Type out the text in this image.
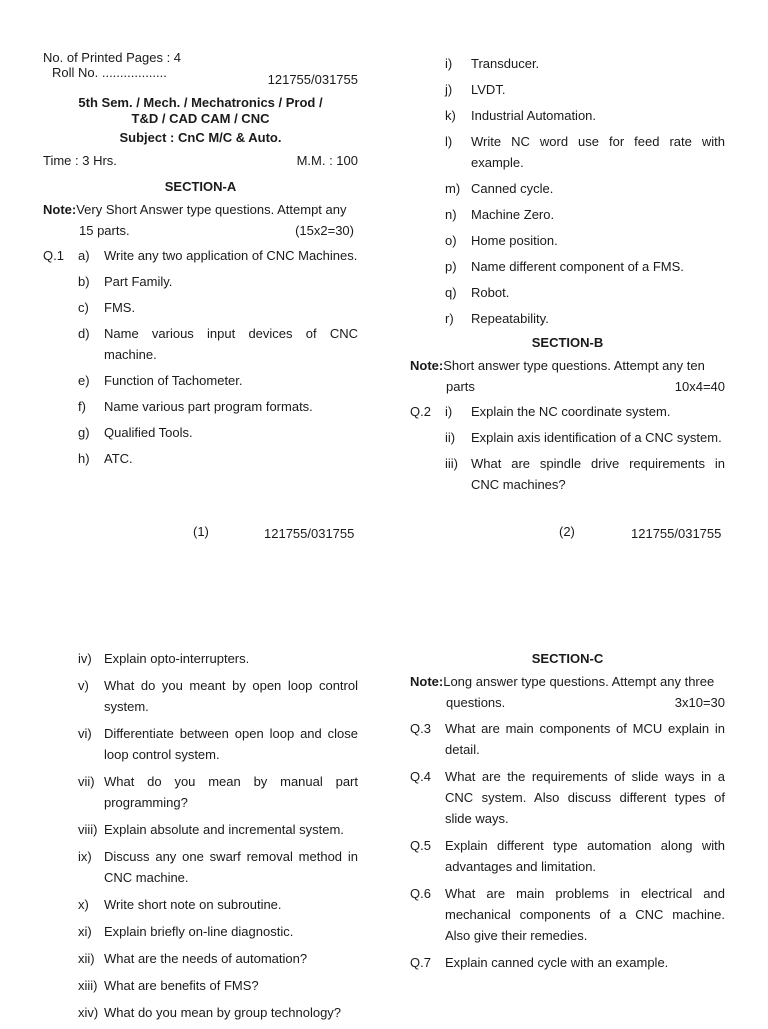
No. of Printed Pages : 4
Roll No. ..................	121755/031755
5th Sem. / Mech. / Mechatronics / Prod /
T&D / CAD CAM / CNC
Subject : CnC M/C & Auto.
Time : 3 Hrs.	M.M. : 100
SECTION-A
Note: Very Short Answer type questions. Attempt any
15 parts.	(15x2=30)
Q.1	a)	Write any two application of CNC Machines.
b)	Part Family.
c)	FMS.
d)	Name various input devices of CNC machine.
e)	Function of Tachometer.
f)	Name various part program formats.
g)	Qualified Tools.
h)	ATC.
(1)	121755/031755
i)	Transducer.
j)	LVDT.
k)	Industrial Automation.
l)	Write NC word use for feed rate with example.
m) Canned cycle.
n)	Machine Zero.
o)	Home position.
p)	Name different component of a FMS.
q)	Robot.
r)	Repeatability.
SECTION-B
Note: Short answer type questions. Attempt any ten
parts	10x4=40
Q.2	i)	Explain the NC coordinate system.
ii)	Explain axis identification of a CNC system.
iii)	What are spindle drive requirements in CNC machines?
(2)	121755/031755
iv) Explain opto-interrupters.
v)	What do you meant by open loop control system.
vi) Differentiate between open loop and close loop control system.
vii) What do you mean by manual part programming?
viii) Explain absolute and incremental system.
ix) Discuss any one swarf removal method in CNC machine.
x)	Write short note on subroutine.
xi) Explain briefly on-line diagnostic.
xii) What are the needs of automation?
xiii) What are benefits of FMS?
xiv) What do you mean by group technology?
SECTION-C
Note: Long answer type questions. Attempt any three
questions.	3x10=30
Q.3	What are main components of MCU explain in detail.
Q.4	What are the requirements of slide ways in a CNC system. Also discuss different types of slide ways.
Q.5	Explain different type automation along with advantages and limitation.
Q.6	What are main problems in electrical and mechanical components of a CNC machine. Also give their remedies.
Q.7	Explain canned cycle with an example.
